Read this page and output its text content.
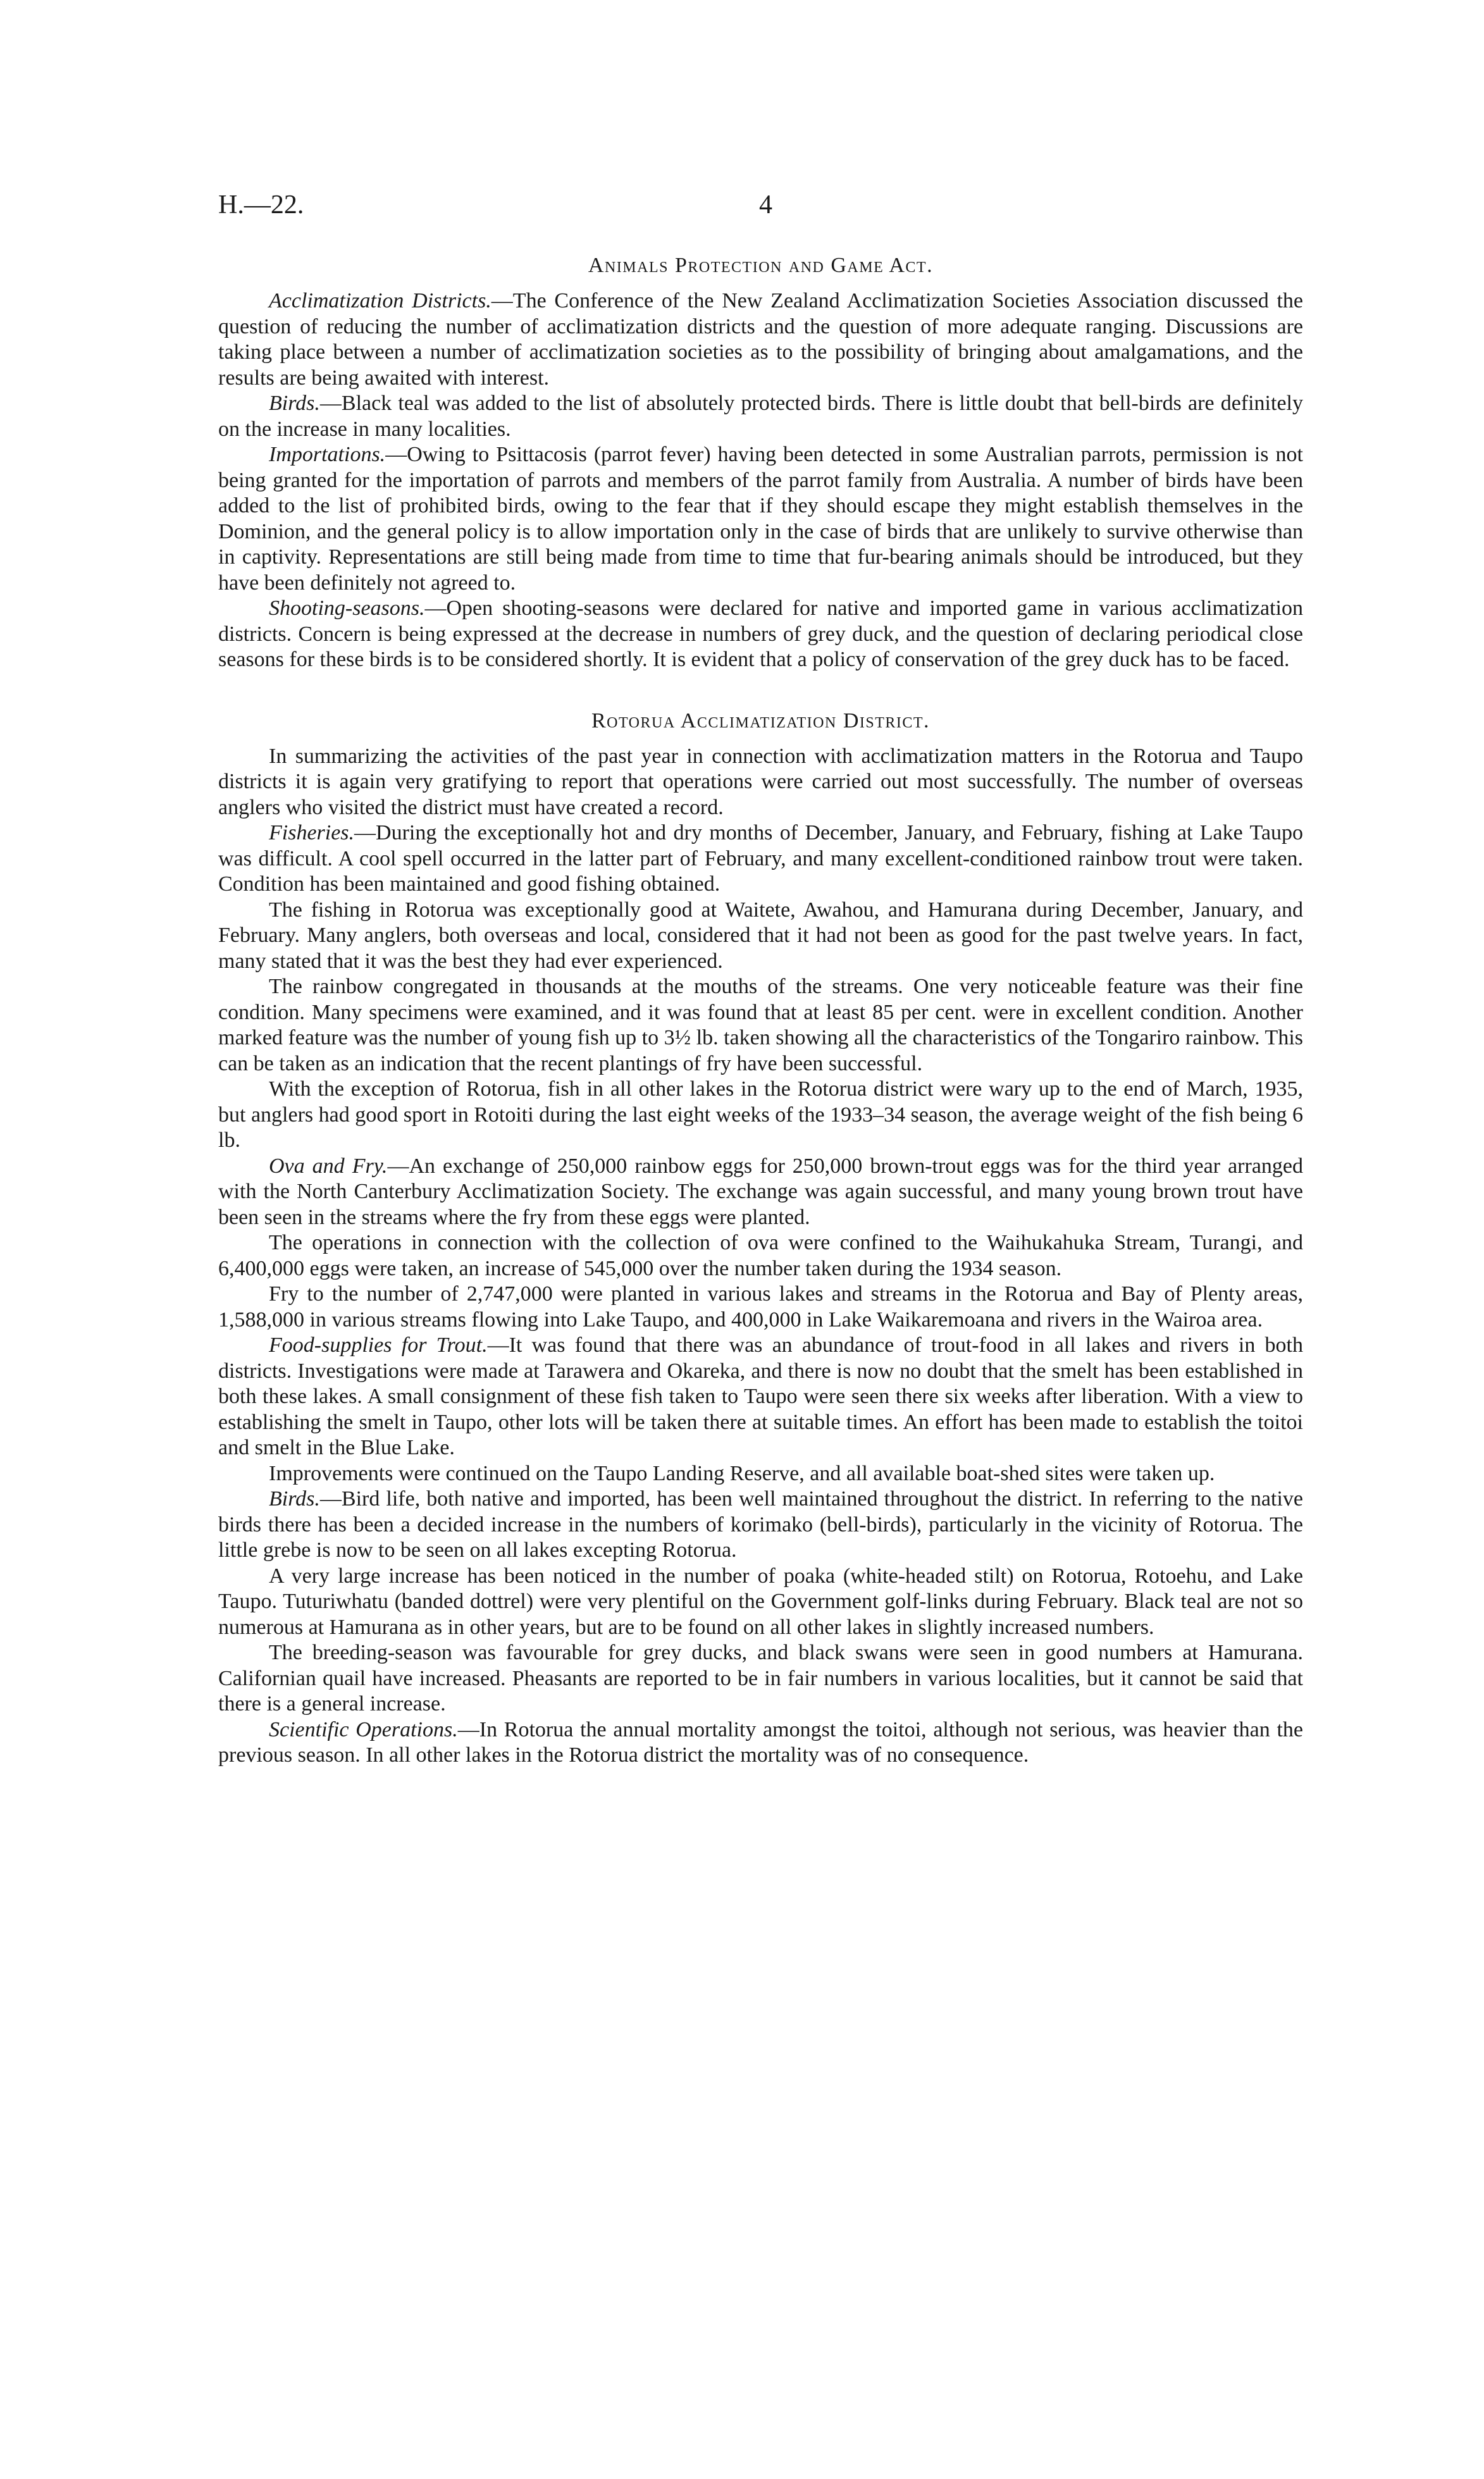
H.—22.	4
Animals Protection and Game Act.

Acclimatization Districts.—The Conference of the New Zealand Acclimatization Societies Association discussed the question of reducing the number of acclimatization districts and the question of more adequate ranging. Discussions are taking place between a number of acclimatization societies as to the possibility of bringing about amalgamations, and the results are being awaited with interest.

Birds.—Black teal was added to the list of absolutely protected birds. There is little doubt that bell-birds are definitely on the increase in many localities.

Importations.—Owing to Psittacosis (parrot fever) having been detected in some Australian parrots, permission is not being granted for the importation of parrots and members of the parrot family from Australia. A number of birds have been added to the list of prohibited birds, owing to the fear that if they should escape they might establish themselves in the Dominion, and the general policy is to allow importation only in the case of birds that are unlikely to survive otherwise than in captivity. Representations are still being made from time to time that fur-bearing animals should be introduced, but they have been definitely not agreed to.

Shooting-seasons.—Open shooting-seasons were declared for native and imported game in various acclimatization districts. Concern is being expressed at the decrease in numbers of grey duck, and the question of declaring periodical close seasons for these birds is to be considered shortly. It is evident that a policy of conservation of the grey duck has to be faced.

Rotorua Acclimatization District.

In summarizing the activities of the past year in connection with acclimatization matters in the Rotorua and Taupo districts it is again very gratifying to report that operations were carried out most successfully. The number of overseas anglers who visited the district must have created a record.

Fisheries.—During the exceptionally hot and dry months of December, January, and February, fishing at Lake Taupo was difficult. A cool spell occurred in the latter part of February, and many excellent-conditioned rainbow trout were taken. Condition has been maintained and good fishing obtained.

The fishing in Rotorua was exceptionally good at Waitete, Awahou, and Hamurana during December, January, and February. Many anglers, both overseas and local, considered that it had not been as good for the past twelve years. In fact, many stated that it was the best they had ever experienced.

The rainbow congregated in thousands at the mouths of the streams. One very noticeable feature was their fine condition. Many specimens were examined, and it was found that at least 85 per cent. were in excellent condition. Another marked feature was the number of young fish up to 3½ lb. taken showing all the characteristics of the Tongariro rainbow. This can be taken as an indication that the recent plantings of fry have been successful.

With the exception of Rotorua, fish in all other lakes in the Rotorua district were wary up to the end of March, 1935, but anglers had good sport in Rotoiti during the last eight weeks of the 1933–34 season, the average weight of the fish being 6 lb.

Ova and Fry.—An exchange of 250,000 rainbow eggs for 250,000 brown-trout eggs was for the third year arranged with the North Canterbury Acclimatization Society. The exchange was again successful, and many young brown trout have been seen in the streams where the fry from these eggs were planted.

The operations in connection with the collection of ova were confined to the Waihukahuka Stream, Turangi, and 6,400,000 eggs were taken, an increase of 545,000 over the number taken during the 1934 season.

Fry to the number of 2,747,000 were planted in various lakes and streams in the Rotorua and Bay of Plenty areas, 1,588,000 in various streams flowing into Lake Taupo, and 400,000 in Lake Waikaremoana and rivers in the Wairoa area.

Food-supplies for Trout.—It was found that there was an abundance of trout-food in all lakes and rivers in both districts. Investigations were made at Tarawera and Okareka, and there is now no doubt that the smelt has been established in both these lakes. A small consignment of these fish taken to Taupo were seen there six weeks after liberation. With a view to establishing the smelt in Taupo, other lots will be taken there at suitable times. An effort has been made to establish the toitoi and smelt in the Blue Lake.

Improvements were continued on the Taupo Landing Reserve, and all available boat-shed sites were taken up.

Birds.—Bird life, both native and imported, has been well maintained throughout the district. In referring to the native birds there has been a decided increase in the numbers of korimako (bell-birds), particularly in the vicinity of Rotorua. The little grebe is now to be seen on all lakes excepting Rotorua.

A very large increase has been noticed in the number of poaka (white-headed stilt) on Rotorua, Rotoehu, and Lake Taupo. Tuturiwhatu (banded dottrel) were very plentiful on the Government golf-links during February. Black teal are not so numerous at Hamurana as in other years, but are to be found on all other lakes in slightly increased numbers.

The breeding-season was favourable for grey ducks, and black swans were seen in good numbers at Hamurana. Californian quail have increased. Pheasants are reported to be in fair numbers in various localities, but it cannot be said that there is a general increase.

Scientific Operations.—In Rotorua the annual mortality amongst the toitoi, although not serious, was heavier than the previous season. In all other lakes in the Rotorua district the mortality was of no consequence.
